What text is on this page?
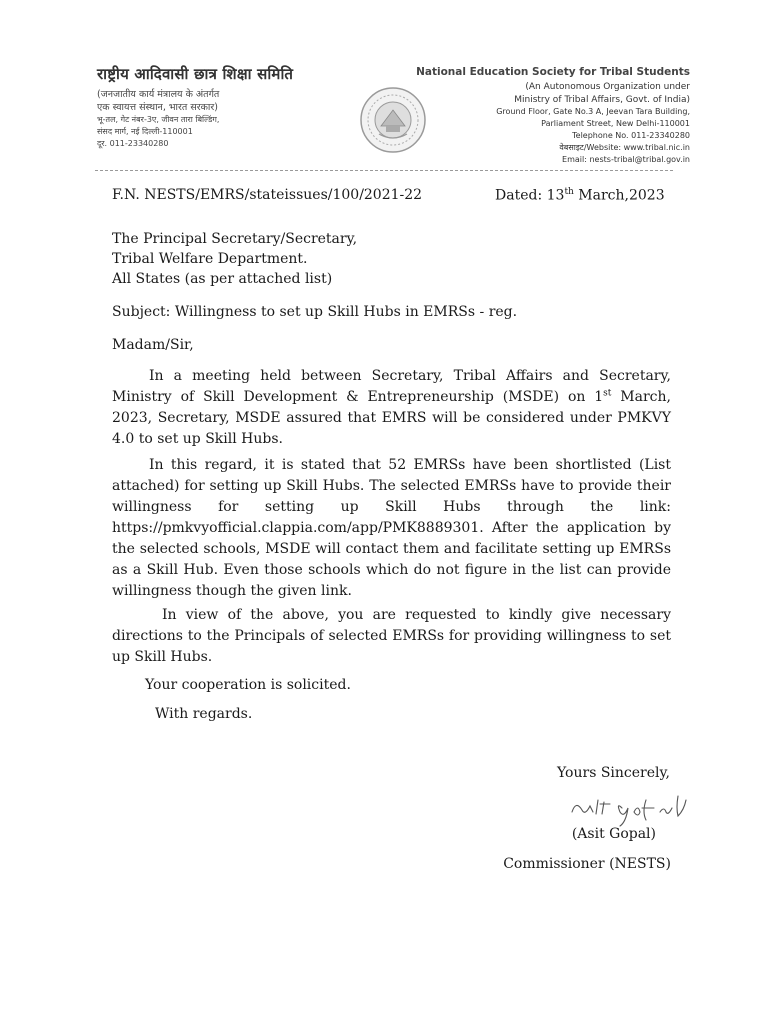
राष्ट्रीय आदिवासी छात्र शिक्षा समिति
(जनजातीय कार्य मंत्रालय के अंतर्गत
एक स्वायत्त संस्थान, भारत सरकार)
भू-तल, गेट नंबर-3ए, जीवन तारा बिल्डिंग,
संसद मार्ग, नई दिल्ली-110001
दूर. 011-23340280
National Education Society for Tribal Students
(An Autonomous Organization under
Ministry of Tribal Affairs, Govt. of India)
Ground Floor, Gate No.3 A, Jeevan Tara Building,
Parliament Street, New Delhi-110001
Telephone No. 011-23340280
वेबसाइट/Website: www.tribal.nic.in
Email: nests-tribal@tribal.gov.in
F.N. NESTS/EMRS/stateissues/100/2021-22	Dated: 13th March,2023
The Principal Secretary/Secretary,
Tribal Welfare Department.
All States (as per attached list)
Subject: Willingness to set up Skill Hubs in EMRSs - reg.
Madam/Sir,

In a meeting held between Secretary, Tribal Affairs and Secretary, Ministry of Skill Development & Entrepreneurship (MSDE) on 1st March, 2023, Secretary, MSDE assured that EMRS will be considered under PMKVY 4.0 to set up Skill Hubs.

In this regard, it is stated that 52 EMRSs have been shortlisted (List attached) for setting up Skill Hubs. The selected EMRSs have to provide their willingness for setting up Skill Hubs through the link: https://pmkvyofficial.clappia.com/app/PMK8889301. After the application by the selected schools, MSDE will contact them and facilitate setting up EMRSs as a Skill Hub. Even those schools which do not figure in the list can provide willingness though the given link.

In view of the above, you are requested to kindly give necessary directions to the Principals of selected EMRSs for providing willingness to set up Skill Hubs.

Your cooperation is solicited.
With regards.
Yours Sincerely,
(Asit Gopal)
Commissioner (NESTS)
